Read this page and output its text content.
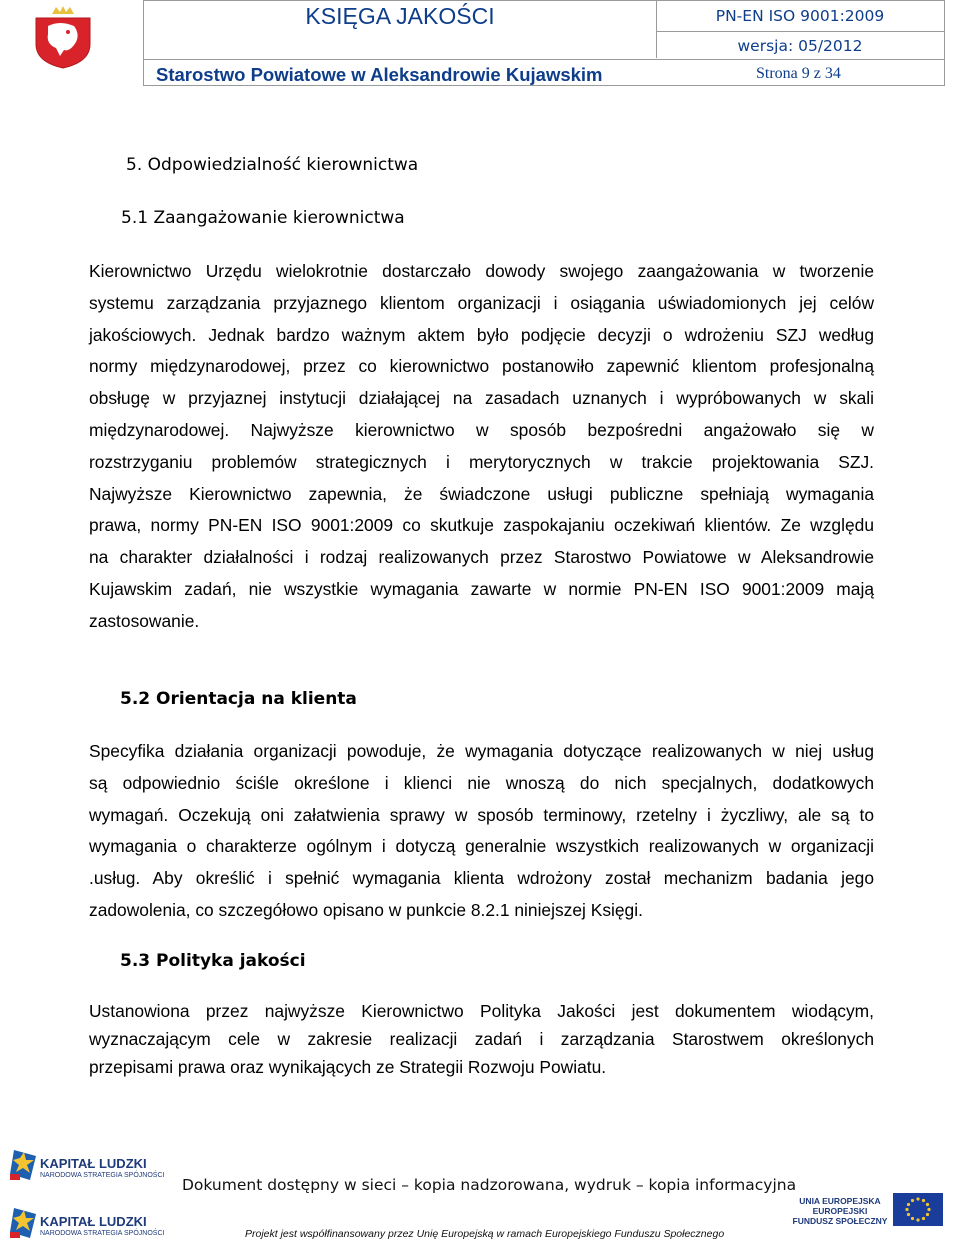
KSIĘGA JAKOŚCI	PN-EN ISO 9001:2009
wersja: 05/2012
Starostwo Powiatowe w Aleksandrowie Kujawskim	Strona 9 z 34
5. Odpowiedzialność kierownictwa
5.1 Zaangażowanie kierownictwa

Kierownictwo Urzędu wielokrotnie dostarczało dowody swojego zaangażowania w tworzenie
systemu zarządzania przyjaznego klientom organizacji i osiągania uświadomionych jej celów
jakościowych. Jednak bardzo ważnym aktem było podjęcie decyzji o wdrożeniu SZJ według
normy międzynarodowej, przez co kierownictwo postanowiło zapewnić klientom profesjonalną
obsługę w przyjaznej instytucji działającej na zasadach uznanych i wypróbowanych w skali
międzynarodowej. Najwyższe kierownictwo w sposób bezpośredni angażowało się w
rozstrzyganiu problemów strategicznych i merytorycznych w trakcie projektowania SZJ.
Najwyższe Kierownictwo zapewnia, że świadczone usługi publiczne spełniają wymagania
prawa, normy PN-EN ISO 9001:2009 co skutkuje zaspokajaniu oczekiwań klientów. Ze względu
na charakter działalności i rodzaj realizowanych przez Starostwo Powiatowe w Aleksandrowie
Kujawskim zadań, nie wszystkie wymagania zawarte w normie PN-EN ISO 9001:2009 mają
zastosowanie.

5.2 Orientacja na klienta

Specyfika działania organizacji powoduje, że wymagania dotyczące realizowanych w niej usług
są odpowiednio ściśle określone i klienci nie wnoszą do nich specjalnych, dodatkowych
wymagań. Oczekują oni załatwienia sprawy w sposób terminowy, rzetelny i życzliwy, ale są to
wymagania o charakterze ogólnym i dotyczą generalnie wszystkich realizowanych w organizacji
.usług. Aby określić i spełnić wymagania klienta wdrożony został mechanizm badania jego
zadowolenia, co szczegółowo opisano w punkcie 8.2.1 niniejszej Księgi.

5.3 Polityka jakości

Ustanowiona przez najwyższe Kierownictwo Polityka Jakości jest dokumentem wiodącym,
wyznaczającym cele w zakresie realizacji zadań i zarządzania Starostwem określonych
przepisami prawa oraz wynikających ze Strategii Rozwoju Powiatu.

KAPITAŁ LUDZKI
NARODOWA STRATEGIA SPÓJNOŚCI
KAPITAŁ LUDZKI
NARODOWA STRATEGIA SPÓJNOŚCI
Dokument dostępny w sieci – kopia nadzorowana, wydruk – kopia informacyjna
UNIA EUROPEJSKA
EUROPEJSKI
FUNDUSZ SPOŁECZNY
Projekt jest współfinansowany przez Unię Europejską w ramach Europejskiego Funduszu Społecznego
